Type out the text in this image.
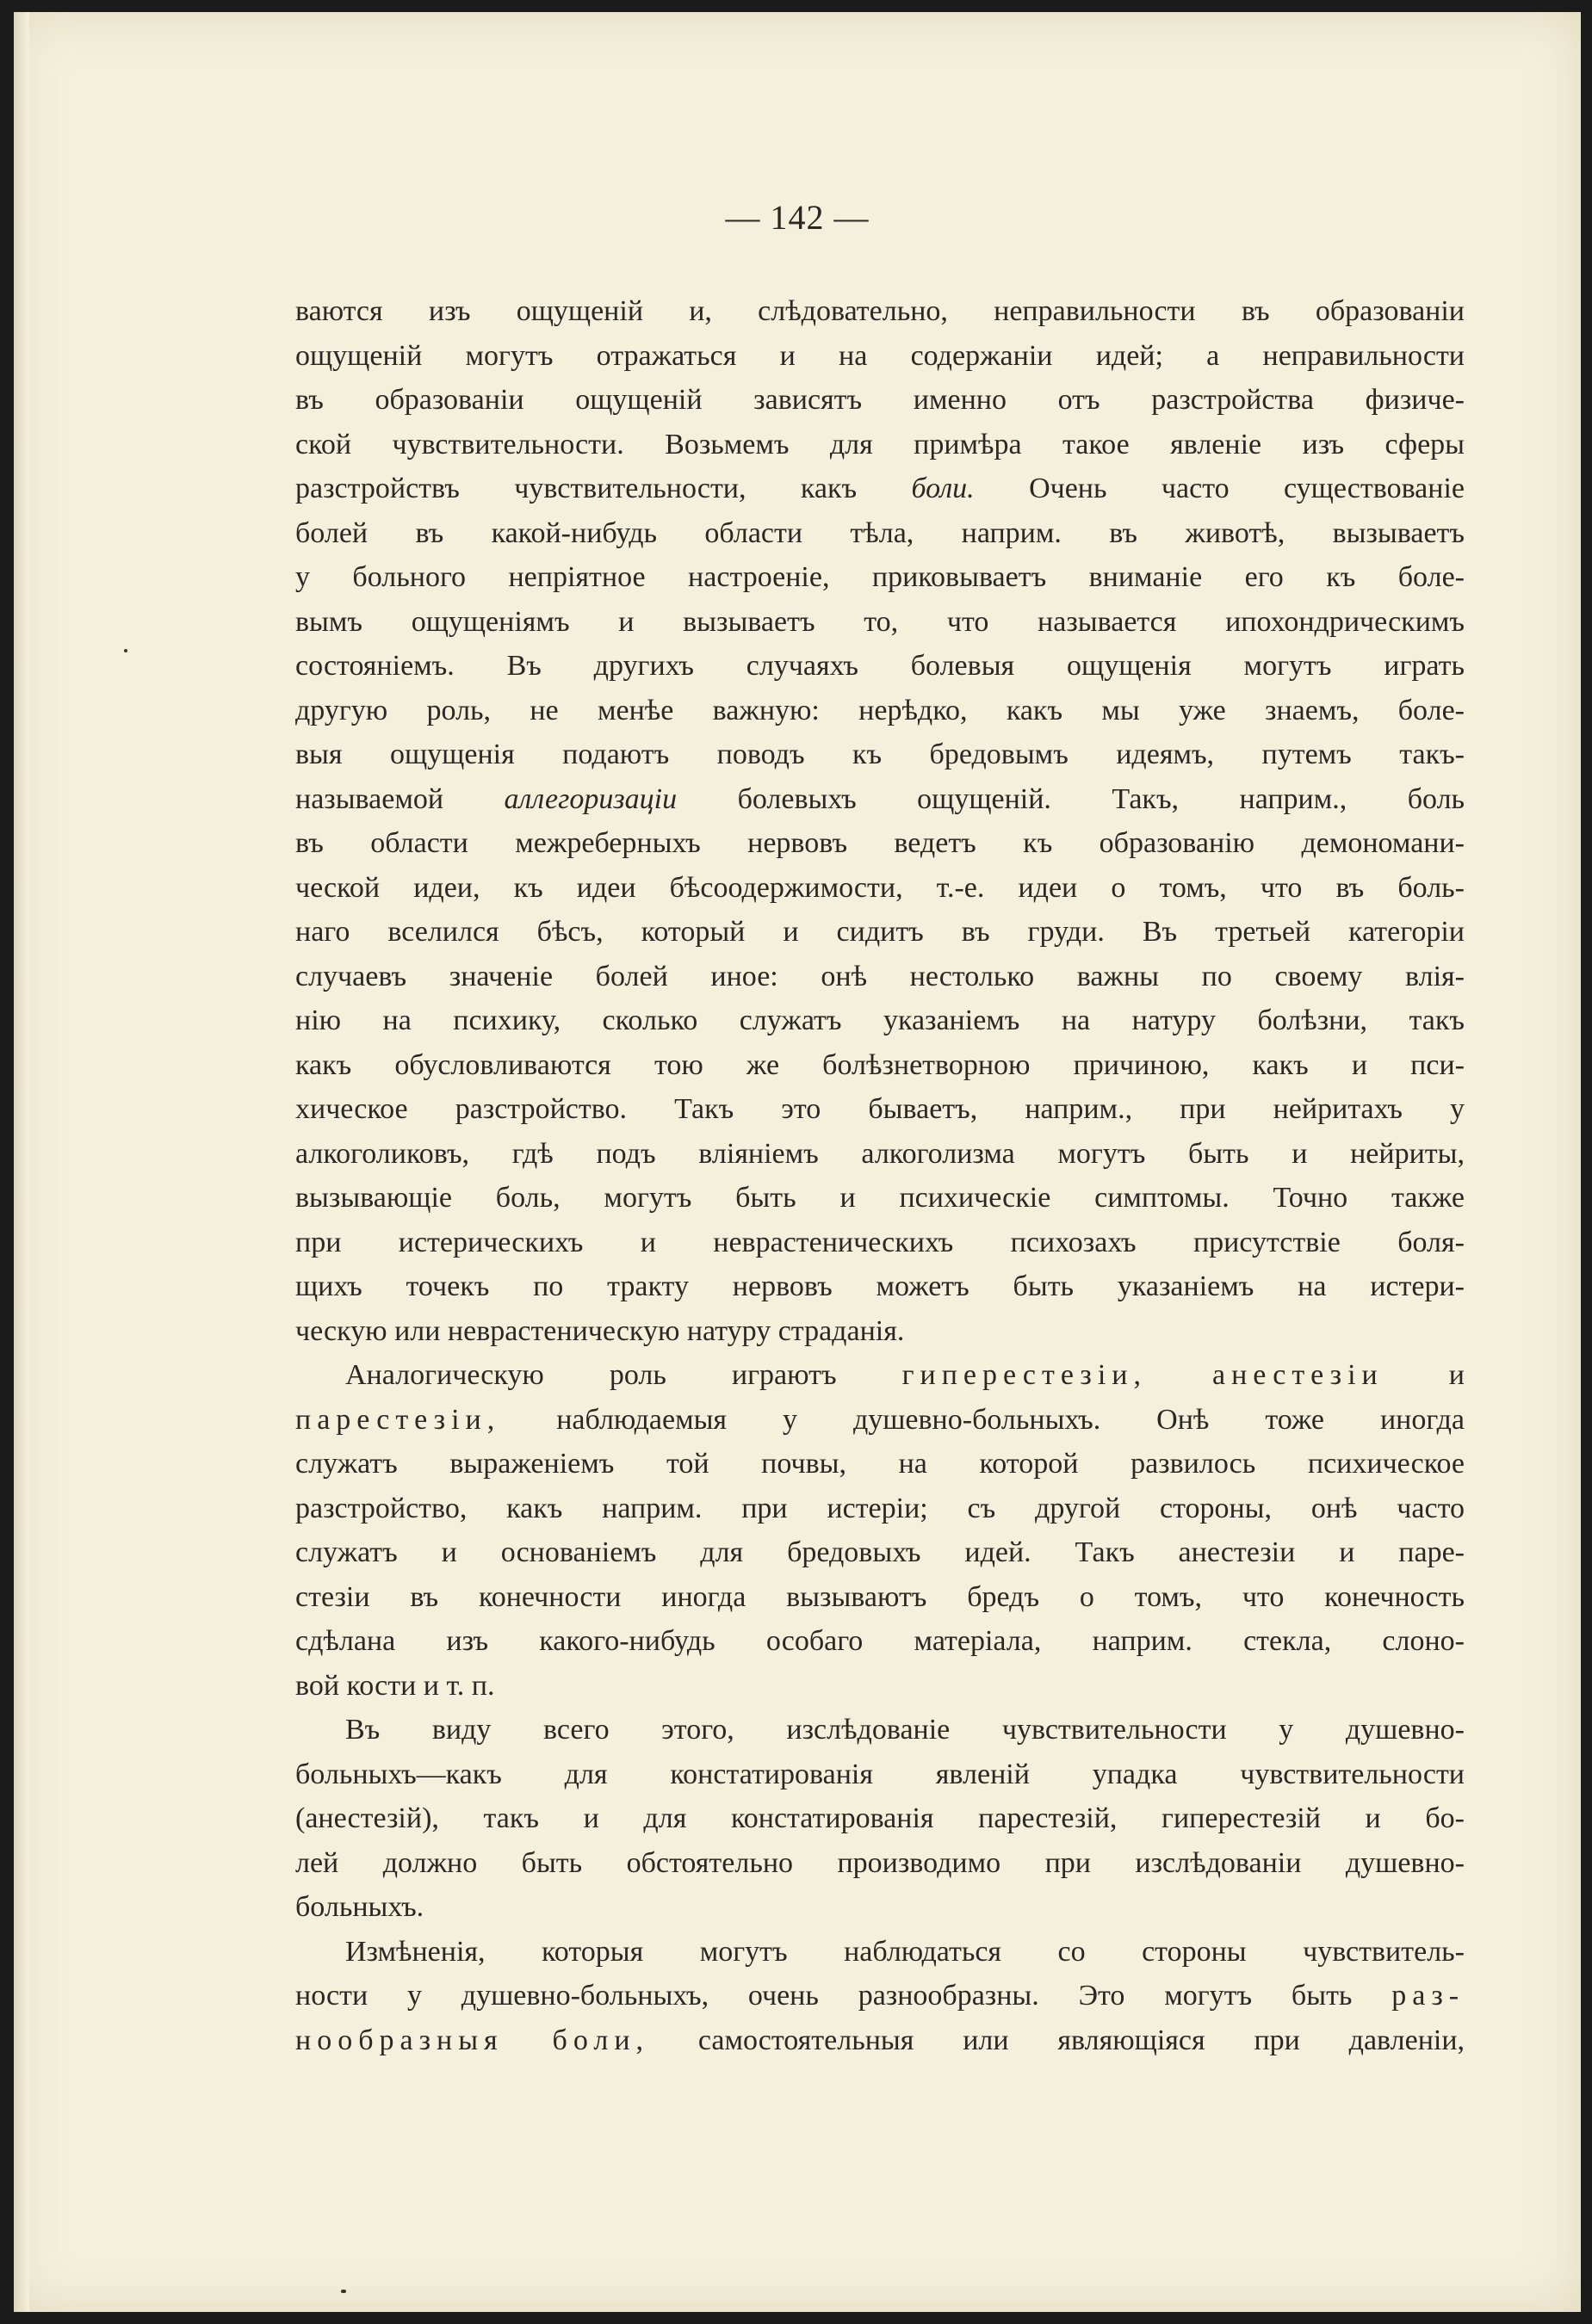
— 142 —
ваются изъ ощущенiй и, слѣдовательно, неправильности въ образованiи
ощущенiй могутъ отражаться и на содержанiи идей; а неправильности
въ образованiи ощущенiй зависятъ именно отъ разстройства физиче-
ской чувствительности. Возьмемъ для примѣра такое явленiе изъ сферы
разстройствъ чувствительности, какъ боли. Очень часто существованiе
болей въ какой-нибудь области тѣла, наприм. въ животѣ, вызываетъ
у больного непрiятное настроенiе, приковываетъ вниманiе его къ боле-
вымъ ощущенiямъ и вызываетъ то, что называется ипохондрическимъ
состоянiемъ. Въ другихъ случаяхъ болевыя ощущенiя могутъ играть
другую роль, не менѣе важную: нерѣдко, какъ мы уже знаемъ, боле-
выя ощущенiя подаютъ поводъ къ бредовымъ идеямъ, путемъ такъ-
называемой аллегоризацiи болевыхъ ощущенiй. Такъ, наприм., боль
въ области межреберныхъ нервовъ ведетъ къ образованiю демономани-
ческой идеи, къ идеи бѣсоодержимости, т.-е. идеи о томъ, что въ боль-
наго вселился бѣсъ, который и сидитъ въ груди. Въ третьей категорiи
случаевъ значенiе болей иное: онѣ нестолько важны по своему влiя-
нiю на психику, сколько служатъ указанiемъ на натуру болѣзни, такъ
какъ обусловливаются тою же болѣзнетворною причиною, какъ и пси-
хическое разстройство. Такъ это бываетъ, наприм., при нейритахъ у
алкоголиковъ, гдѣ подъ влiянiемъ алкоголизма могутъ быть и нейриты,
вызывающiе боль, могутъ быть и психическiе симптомы. Точно также
при истерическихъ и неврастеническихъ психозахъ присутствiе боля-
щихъ точекъ по тракту нервовъ можетъ быть указанiемъ на истери-
ческую или неврастеническую натуру страданiя.
Аналогическую роль играютъ гиперестезiи, анестезiи и
парестезiи, наблюдаемыя у душевно-больныхъ. Онѣ тоже иногда
служатъ выраженiемъ той почвы, на которой развилось психическое
разстройство, какъ наприм. при истерiи; съ другой стороны, онѣ часто
служатъ и основанiемъ для бредовыхъ идей. Такъ анестезiи и паре-
стезiи въ конечности иногда вызываютъ бредъ о томъ, что конечность
сдѣлана изъ какого-нибудь особаго матерiала, наприм. стекла, слоно-
вой кости и т. п.
Въ виду всего этого, изслѣдованiе чувствительности у душевно-
больныхъ—какъ для констатированiя явленiй упадка чувствительности
(анестезiй), такъ и для констатированiя парестезiй, гиперестезiй и бо-
лей должно быть обстоятельно производимо при изслѣдованiи душевно-
больныхъ.
Измѣненiя, которыя могутъ наблюдаться со стороны чувствитель-
ности у душевно-больныхъ, очень разнообразны. Это могутъ быть раз-
нообразныя боли, самостоятельныя или являющiяся при давленiи,
